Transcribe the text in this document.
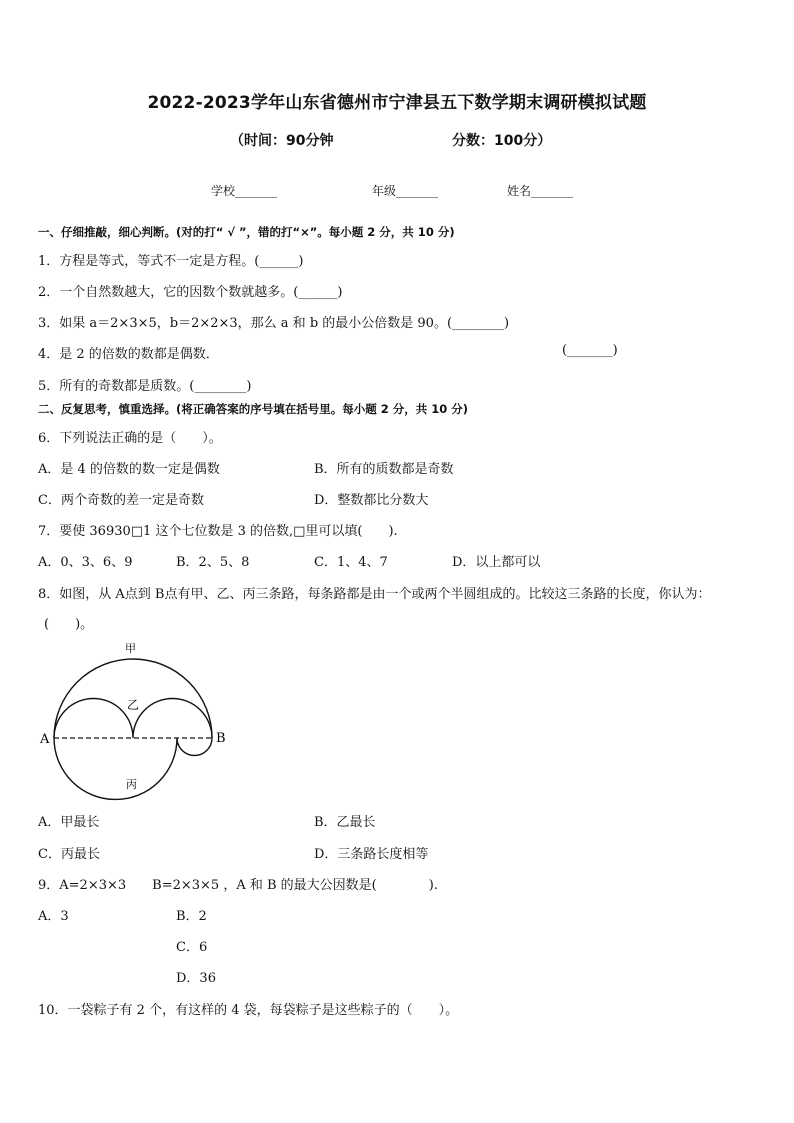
2022-2023学年山东省德州市宁津县五下数学期末调研模拟试题
（时间：90分钟	分数：100分）
学校_______	年级_______	姓名_______
一、仔细推敲，细心判断。(对的打“ √ ”，错的打“×”。每小题 2 分，共 10 分)
1．方程是等式，等式不一定是方程。(______)
2．一个自然数越大，它的因数个数就越多。(______)
3．如果 a＝2×3×5，b＝2×2×3，那么 a 和 b 的最小公倍数是 90。(________)
4．是 2 的倍数的数都是偶数．	(_______)
5．所有的奇数都是质数。(________)
二、反复思考，慎重选择。(将正确答案的序号填在括号里。每小题 2 分，共 10 分)
6．下列说法正确的是（　　）。
A．是 4 的倍数的数一定是偶数	B．所有的质数都是奇数
C．两个奇数的差一定是奇数	D．整数都比分数大
7．要使 36930□1 这个七位数是 3 的倍数,□里可以填(　　).
A．0、3、6、9	B．2、5、8	C．1、4、7	D．以上都可以
8．如图，从 A点到 B点有甲、乙、丙三条路，每条路都是由一个或两个半圆组成的。比较这三条路的长度，你认为：
(　　)。
甲
乙
丙
A	B
A．甲最长	B．乙最长
C．丙最长	D．三条路长度相等
9．A=2×3×3　　B=2×3×5 ，A 和 B 的最大公因数是(　　　　).
A．3	B．2
C．6
D．36
10．一袋粽子有 2 个，有这样的 4 袋，每袋粽子是这些粽子的（　　）。
